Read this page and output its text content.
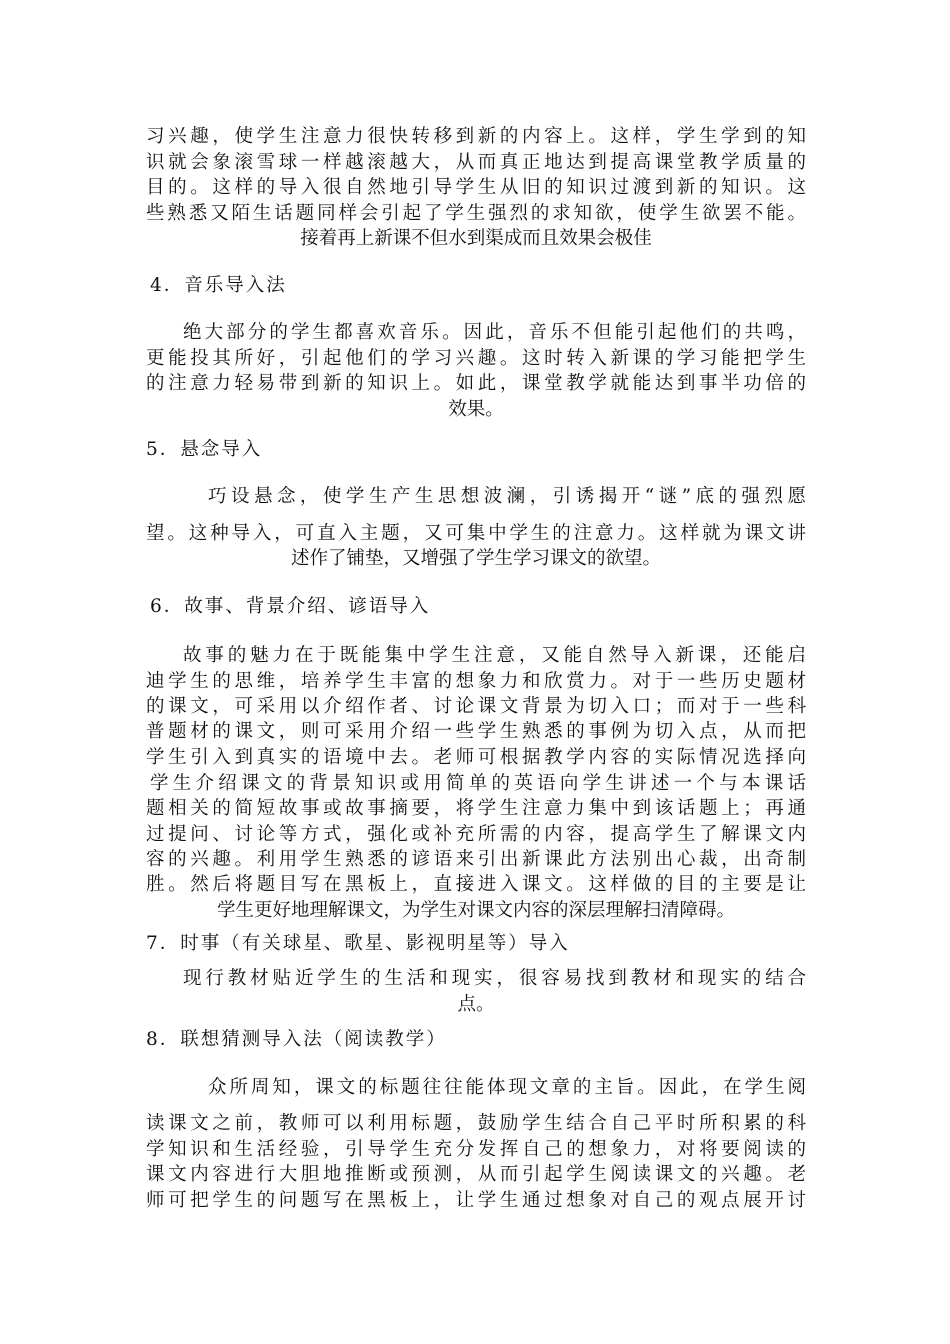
习兴趣，使学生注意力很快转移到新的内容上。这样，学生学到的知
识就会象滚雪球一样越滚越大，从而真正地达到提高课堂教学质量的
目的。这样的导入很自然地引导学生从旧的知识过渡到新的知识。这
些熟悉又陌生话题同样会引起了学生强烈的求知欲，使学生欲罢不能。
接着再上新课不但水到渠成而且效果会极佳
4．音乐导入法
绝大部分的学生都喜欢音乐。因此，音乐不但能引起他们的共鸣，
更能投其所好，引起他们的学习兴趣。这时转入新课的学习能把学生
的注意力轻易带到新的知识上。如此，课堂教学就能达到事半功倍的
效果。
5．悬念导入
巧设悬念，使学生产生思想波澜，引诱揭开“谜”底的强烈愿
望。这种导入，可直入主题，又可集中学生的注意力。这样就为课文讲
述作了铺垫，又增强了学生学习课文的欲望。
6．故事、背景介绍、谚语导入
故事的魅力在于既能集中学生注意，又能自然导入新课，还能启
迪学生的思维，培养学生丰富的想象力和欣赏力。对于一些历史题材
的课文，可采用以介绍作者、讨论课文背景为切入口；而对于一些科
普题材的课文，则可采用介绍一些学生熟悉的事例为切入点，从而把
学生引入到真实的语境中去。老师可根据教学内容的实际情况选择向
学生介绍课文的背景知识或用简单的英语向学生讲述一个与本课话
题相关的简短故事或故事摘要，将学生注意力集中到该话题上；再通
过提问、讨论等方式，强化或补充所需的内容，提高学生了解课文内
容的兴趣。利用学生熟悉的谚语来引出新课此方法别出心裁，出奇制
胜。然后将题目写在黑板上，直接进入课文。这样做的目的主要是让
学生更好地理解课文，为学生对课文内容的深层理解扫清障碍。
7．时事（有关球星、歌星、影视明星等）导入
现行教材贴近学生的生活和现实，很容易找到教材和现实的结合
点。
8．联想猜测导入法（阅读教学）
众所周知，课文的标题往往能体现文章的主旨。因此，在学生阅
读课文之前，教师可以利用标题，鼓励学生结合自己平时所积累的科
学知识和生活经验，引导学生充分发挥自己的想象力，对将要阅读的
课文内容进行大胆地推断或预测，从而引起学生阅读课文的兴趣。老
师可把学生的问题写在黑板上，让学生通过想象对自己的观点展开讨
